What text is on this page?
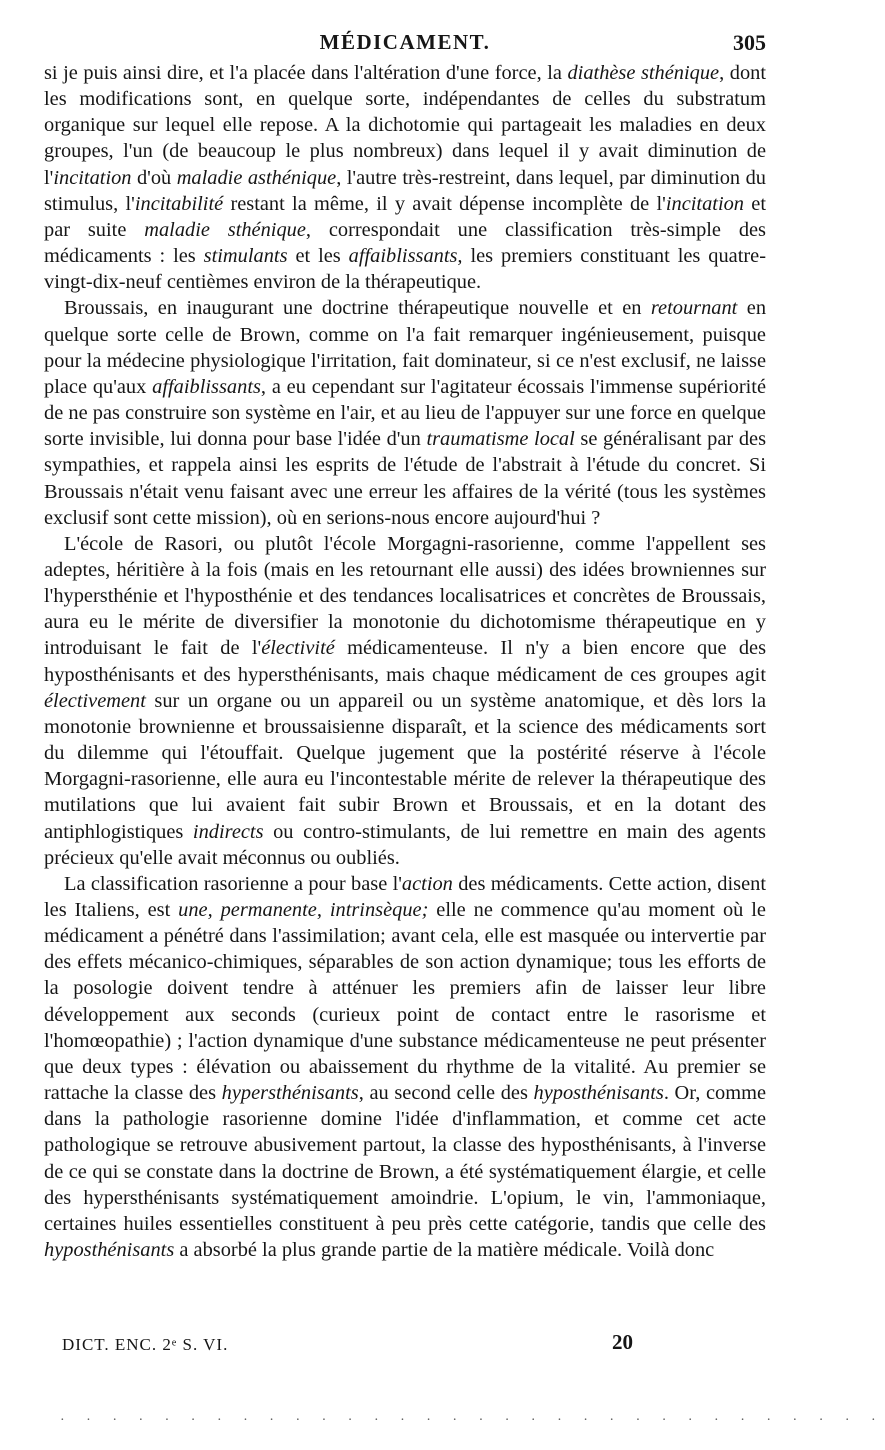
MÉDICAMENT.	305

si je puis ainsi dire, et l'a placée dans l'altération d'une force, la diathèse sthénique, dont les modifications sont, en quelque sorte, indépendantes de celles du substratum organique sur lequel elle repose. A la dichotomie qui partageait les maladies en deux groupes, l'un (de beaucoup le plus nombreux) dans lequel il y avait diminution de l'incitation d'où maladie asthénique, l'autre très-restreint, dans lequel, par diminution du stimulus, l'incitabilité restant la même, il y avait dépense incomplète de l'incitation et par suite maladie sthénique, correspondait une classification très-simple des médicaments : les stimulants et les affaiblissants, les premiers constituant les quatre-vingt-dix-neuf centièmes environ de la thérapeutique.

Broussais, en inaugurant une doctrine thérapeutique nouvelle et en retournant en quelque sorte celle de Brown, comme on l'a fait remarquer ingénieusement, puisque pour la médecine physiologique l'irritation, fait dominateur, si ce n'est exclusif, ne laisse place qu'aux affaiblissants, a eu cependant sur l'agitateur écossais l'immense supériorité de ne pas construire son système en l'air, et au lieu de l'appuyer sur une force en quelque sorte invisible, lui donna pour base l'idée d'un traumatisme local se généralisant par des sympathies, et rappela ainsi les esprits de l'étude de l'abstrait à l'étude du concret. Si Broussais n'était venu faisant avec une erreur les affaires de la vérité (tous les systèmes exclusif sont cette mission), où en serions-nous encore aujourd'hui ?

L'école de Rasori, ou plutôt l'école Morgagni-rasorienne, comme l'appellent ses adeptes, héritière à la fois (mais en les retournant elle aussi) des idées browniennes sur l'hypersthénie et l'hyposthénie et des tendances localisatrices et concrètes de Broussais, aura eu le mérite de diversifier la monotonie du dichotomisme thérapeutique en y introduisant le fait de l'électivité médicamenteuse. Il n'y a bien encore que des hyposthénisants et des hypersthénisants, mais chaque médicament de ces groupes agit électivement sur un organe ou un appareil ou un système anatomique, et dès lors la monotonie brownienne et broussaisienne disparaît, et la science des médicaments sort du dilemme qui l'étouffait. Quelque jugement que la postérité réserve à l'école Morgagni-rasorienne, elle aura eu l'incontestable mérite de relever la thérapeutique des mutilations que lui avaient fait subir Brown et Broussais, et en la dotant des antiphlogistiques indirects ou contro-stimulants, de lui remettre en main des agents précieux qu'elle avait méconnus ou oubliés.

La classification rasorienne a pour base l'action des médicaments. Cette action, disent les Italiens, est une, permanente, intrinsèque; elle ne commence qu'au moment où le médicament a pénétré dans l'assimilation; avant cela, elle est masquée ou intervertie par des effets mécanico-chimiques, séparables de son action dynamique; tous les efforts de la posologie doivent tendre à atténuer les premiers afin de laisser leur libre développement aux seconds (curieux point de contact entre le rasorisme et l'homœopathie) ; l'action dynamique d'une substance médicamenteuse ne peut présenter que deux types : élévation ou abaissement du rhythme de la vitalité. Au premier se rattache la classe des hypersthénisants, au second celle des hyposthénisants. Or, comme dans la pathologie rasorienne domine l'idée d'inflammation, et comme cet acte pathologique se retrouve abusivement partout, la classe des hyposthénisants, à l'inverse de ce qui se constate dans la doctrine de Brown, a été systématiquement élargie, et celle des hypersthénisants systématiquement amoindrie. L'opium, le vin, l'ammoniaque, certaines huiles essentielles constituent à peu près cette catégorie, tandis que celle des hyposthénisants a absorbé la plus grande partie de la matière médicale. Voilà donc

DICT. ENC. 2ᵉ S. VI.	20
· · · · · · · · · · · · · · · · · · · · · · · · · · · · · · · ·
